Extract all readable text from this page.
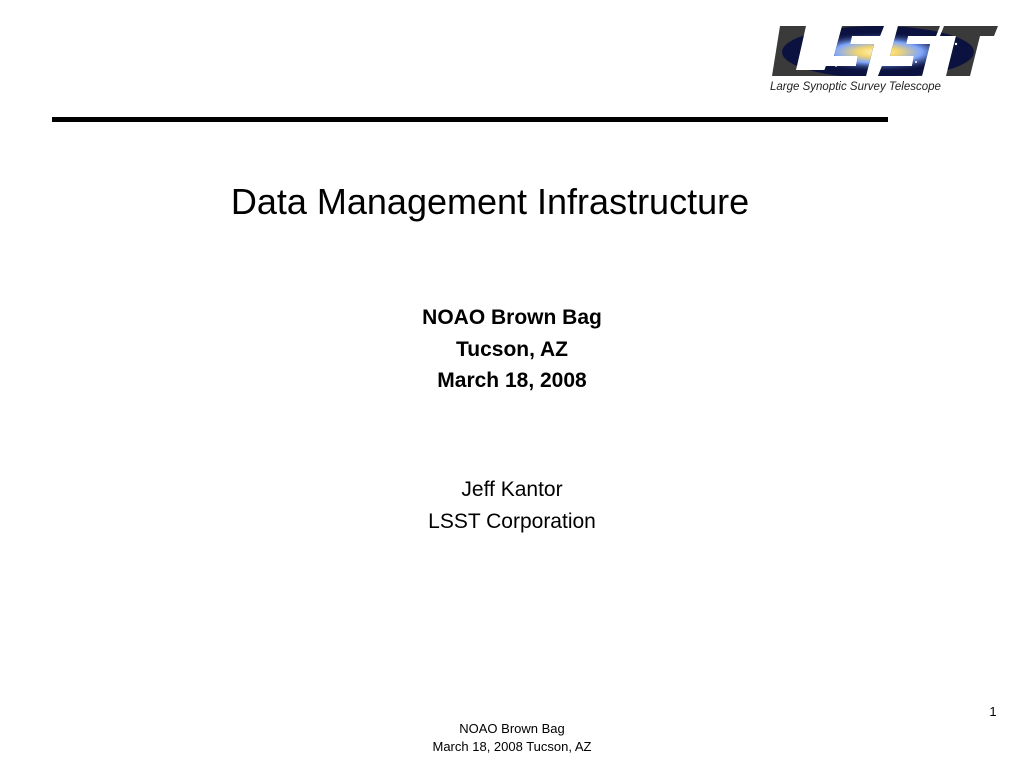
Large Synoptic Survey Telescope
Data Management Infrastructure
NOAO Brown Bag
Tucson, AZ
March 18, 2008
Jeff Kantor
LSST Corporation
1
NOAO Brown Bag
March 18, 2008 Tucson, AZ
